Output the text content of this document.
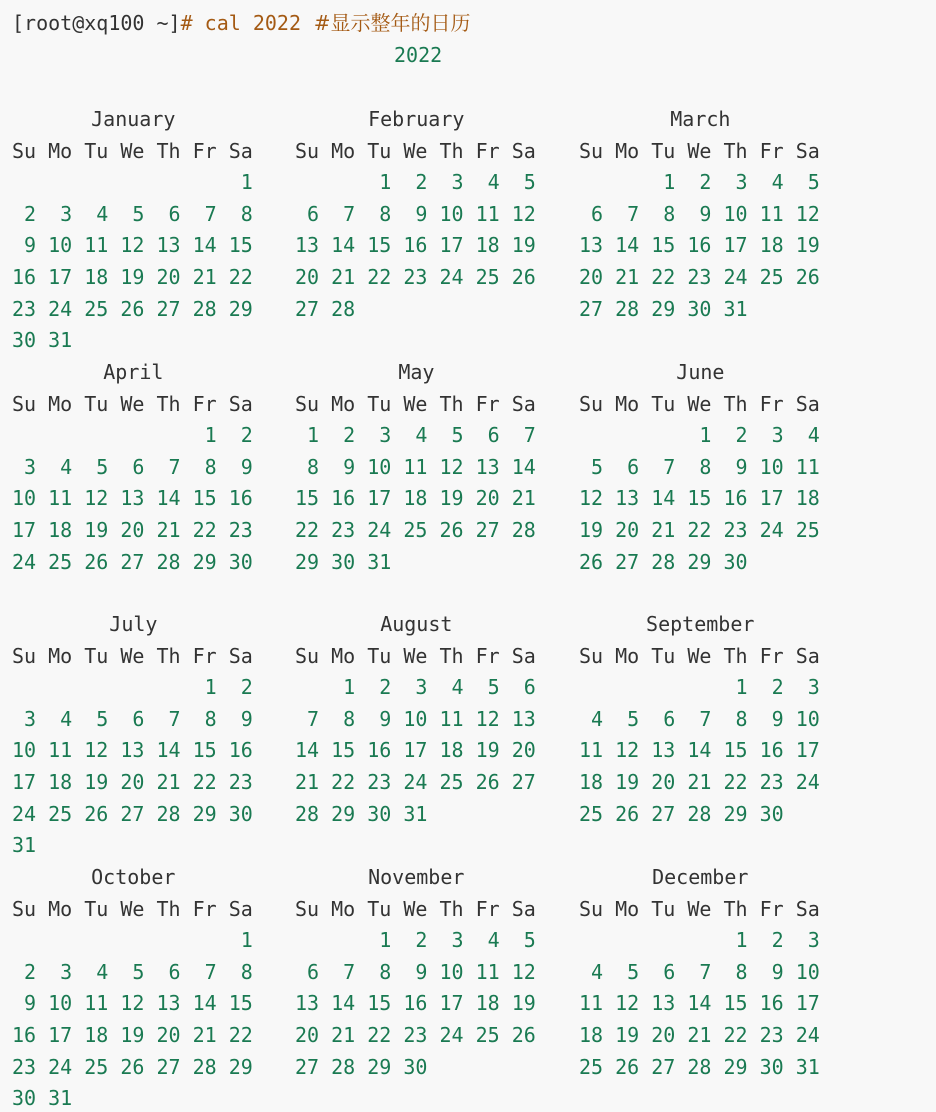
[root@xq100 ~]# cal 2022  #显示整年的日历
2022
January
Su Mo Tu We Th Fr Sa
1
2  3  4  5  6  7  8
9 10 11 12 13 14 15
16 17 18 19 20 21 22
23 24 25 26 27 28 29
30 31
February
Su Mo Tu We Th Fr Sa
1  2  3  4  5
6  7  8  9 10 11 12
13 14 15 16 17 18 19
20 21 22 23 24 25 26
27 28
March
Su Mo Tu We Th Fr Sa
1  2  3  4  5
6  7  8  9 10 11 12
13 14 15 16 17 18 19
20 21 22 23 24 25 26
27 28 29 30 31
April
Su Mo Tu We Th Fr Sa
1  2
3  4  5  6  7  8  9
10 11 12 13 14 15 16
17 18 19 20 21 22 23
24 25 26 27 28 29 30
May
Su Mo Tu We Th Fr Sa
1  2  3  4  5  6  7
8  9 10 11 12 13 14
15 16 17 18 19 20 21
22 23 24 25 26 27 28
29 30 31
June
Su Mo Tu We Th Fr Sa
1  2  3  4
5  6  7  8  9 10 11
12 13 14 15 16 17 18
19 20 21 22 23 24 25
26 27 28 29 30
July
Su Mo Tu We Th Fr Sa
1  2
3  4  5  6  7  8  9
10 11 12 13 14 15 16
17 18 19 20 21 22 23
24 25 26 27 28 29 30
31
August
Su Mo Tu We Th Fr Sa
1  2  3  4  5  6
7  8  9 10 11 12 13
14 15 16 17 18 19 20
21 22 23 24 25 26 27
28 29 30 31
September
Su Mo Tu We Th Fr Sa
1  2  3
4  5  6  7  8  9 10
11 12 13 14 15 16 17
18 19 20 21 22 23 24
25 26 27 28 29 30
October
Su Mo Tu We Th Fr Sa
1
2  3  4  5  6  7  8
9 10 11 12 13 14 15
16 17 18 19 20 21 22
23 24 25 26 27 28 29
30 31
November
Su Mo Tu We Th Fr Sa
1  2  3  4  5
6  7  8  9 10 11 12
13 14 15 16 17 18 19
20 21 22 23 24 25 26
27 28 29 30
December
Su Mo Tu We Th Fr Sa
1  2  3
4  5  6  7  8  9 10
11 12 13 14 15 16 17
18 19 20 21 22 23 24
25 26 27 28 29 30 31
